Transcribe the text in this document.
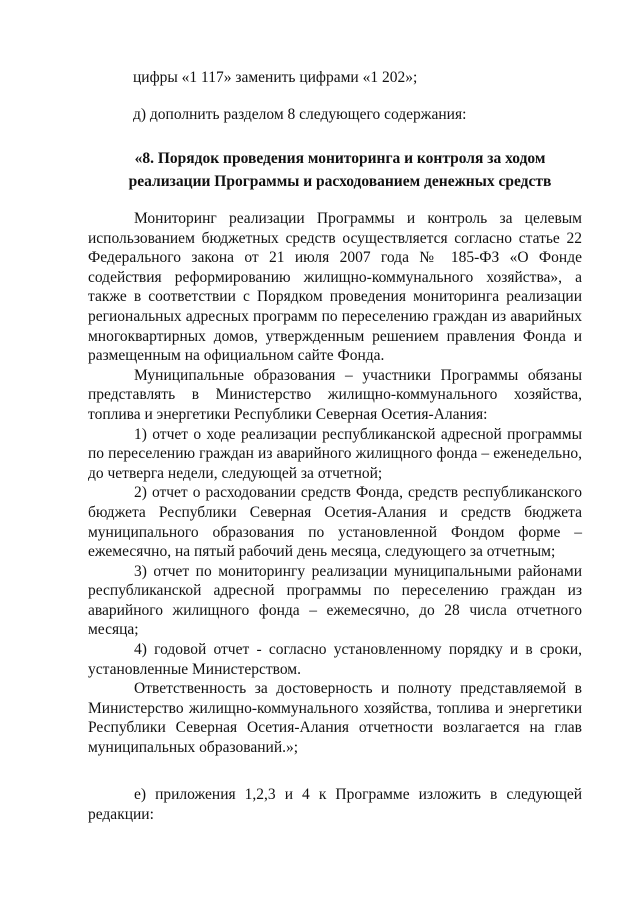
цифры «1 117» заменить цифрами «1 202»;
д) дополнить разделом 8 следующего содержания:
«8. Порядок проведения мониторинга и контроля за ходом
реализации Программы и расходованием денежных средств

Мониторинг реализации Программы и контроль за целевым использованием бюджетных средств осуществляется согласно статье 22 Федерального закона от 21 июля 2007 года № 185-ФЗ «О Фонде содействия реформированию жилищно-коммунального хозяйства», а также в соответствии с Порядком проведения мониторинга реализации региональных адресных программ по переселению граждан из аварийных многоквартирных домов, утвержденным решением правления Фонда и размещенным на официальном сайте Фонда.

Муниципальные образования – участники Программы обязаны представлять в Министерство жилищно-коммунального хозяйства, топлива и энергетики Республики Северная Осетия-Алания:

1) отчет о ходе реализации республиканской адресной программы по переселению граждан из аварийного жилищного фонда – еженедельно, до четверга недели, следующей за отчетной;

2) отчет о расходовании средств Фонда, средств республиканского бюджета Республики Северная Осетия-Алания и средств бюджета муниципального образования по установленной Фондом форме – ежемесячно, на пятый рабочий день месяца, следующего за отчетным;

3) отчет по мониторингу реализации муниципальными районами республиканской адресной программы по переселению граждан из аварийного жилищного фонда – ежемесячно, до 28 числа отчетного месяца;

4) годовой отчет - согласно установленному порядку и в сроки, установленные Министерством.

Ответственность за достоверность и полноту представляемой в Министерство жилищно-коммунального хозяйства, топлива и энергетики Республики Северная Осетия-Алания отчетности возлагается на глав муниципальных образований.»;

е) приложения 1,2,3 и 4 к Программе изложить в следующей редакции:
